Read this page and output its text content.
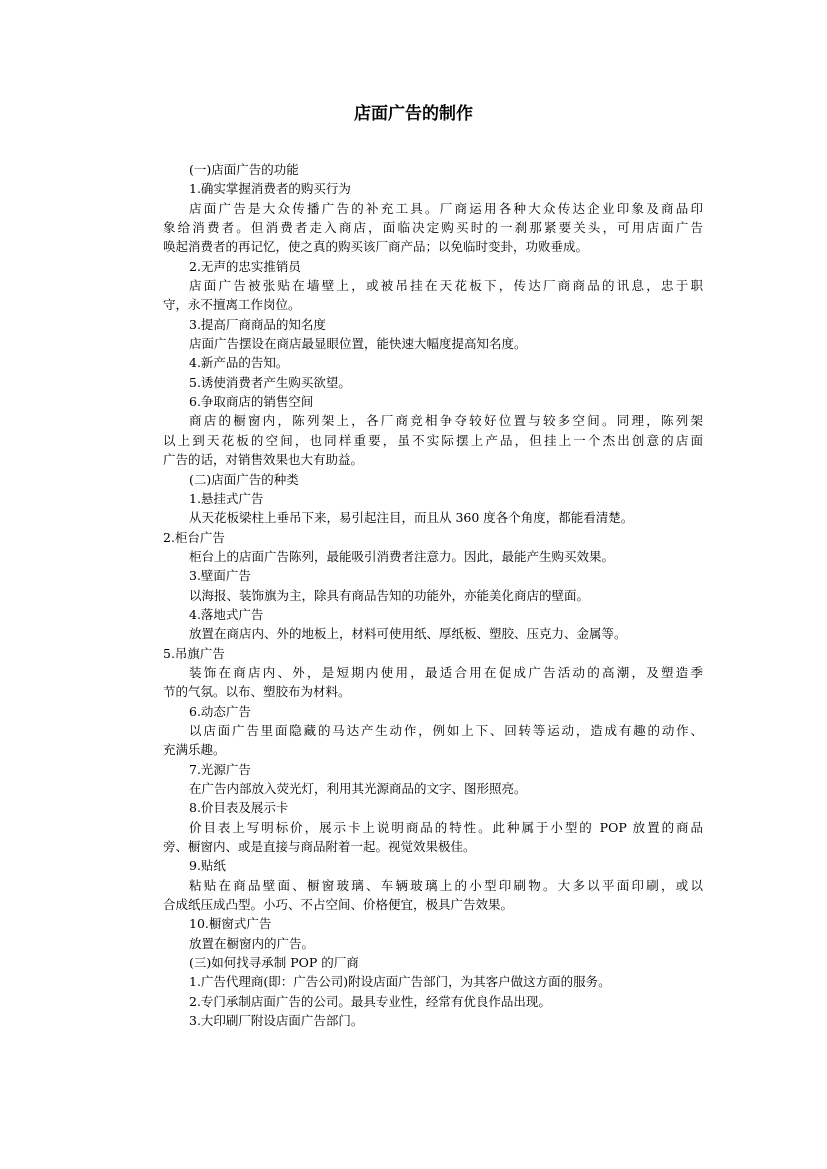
店面广告的制作
(一)店面广告的功能
1.确实掌握消费者的购买行为
店面广告是大众传播广告的补充工具。厂商运用各种大众传达企业印象及商品印
象给消费者。但消费者走入商店，面临决定购买时的一刹那紧要关头，可用店面广告
唤起消费者的再记忆，使之真的购买该厂商产品；以免临时变卦，功败垂成。
2.无声的忠实推销员
店面广告被张贴在墙壁上，或被吊挂在天花板下，传达厂商商品的讯息，忠于职
守，永不擅离工作岗位。
3.提高厂商商品的知名度
店面广告摆设在商店最显眼位置，能快速大幅度提高知名度。
4.新产品的告知。
5.诱使消费者产生购买欲望。
6.争取商店的销售空间
商店的橱窗内，陈列架上，各厂商竞相争夺较好位置与较多空间。同理，陈列架
以上到天花板的空间，也同样重要，虽不实际摆上产品，但挂上一个杰出创意的店面
广告的话，对销售效果也大有助益。
(二)店面广告的种类
1.悬挂式广告
从天花板梁柱上垂吊下来，易引起注目，而且从 360 度各个角度，都能看清楚。
2.柜台广告
柜台上的店面广告陈列，最能吸引消费者注意力。因此，最能产生购买效果。
3.壁面广告
以海报、装饰旗为主，除具有商品告知的功能外，亦能美化商店的壁面。
4.落地式广告
放置在商店内、外的地板上，材料可使用纸、厚纸板、塑胶、压克力、金属等。
5.吊旗广告
装饰在商店内、外，是短期内使用，最适合用在促成广告活动的高潮，及塑造季
节的气氛。以布、塑胶布为材料。
6.动态广告
以店面广告里面隐藏的马达产生动作，例如上下、回转等运动，造成有趣的动作、
充满乐趣。
7.光源广告
在广告内部放入荧光灯，利用其光源商品的文字、图形照亮。
8.价目表及展示卡
价目表上写明标价，展示卡上说明商品的特性。此种属于小型的 POP 放置的商品
旁、橱窗内、或是直接与商品附着一起。视觉效果极佳。
9.贴纸
粘贴在商品壁面、橱窗玻璃、车辆玻璃上的小型印刷物。大多以平面印刷，或以
合成纸压成凸型。小巧、不占空间、价格便宜，极具广告效果。
10.橱窗式广告
放置在橱窗内的广告。
(三)如何找寻承制 POP 的厂商
1.广告代理商(即：广告公司)附设店面广告部门，为其客户做这方面的服务。
2.专门承制店面广告的公司。最具专业性，经常有优良作品出现。
3.大印刷厂附设店面广告部门。
